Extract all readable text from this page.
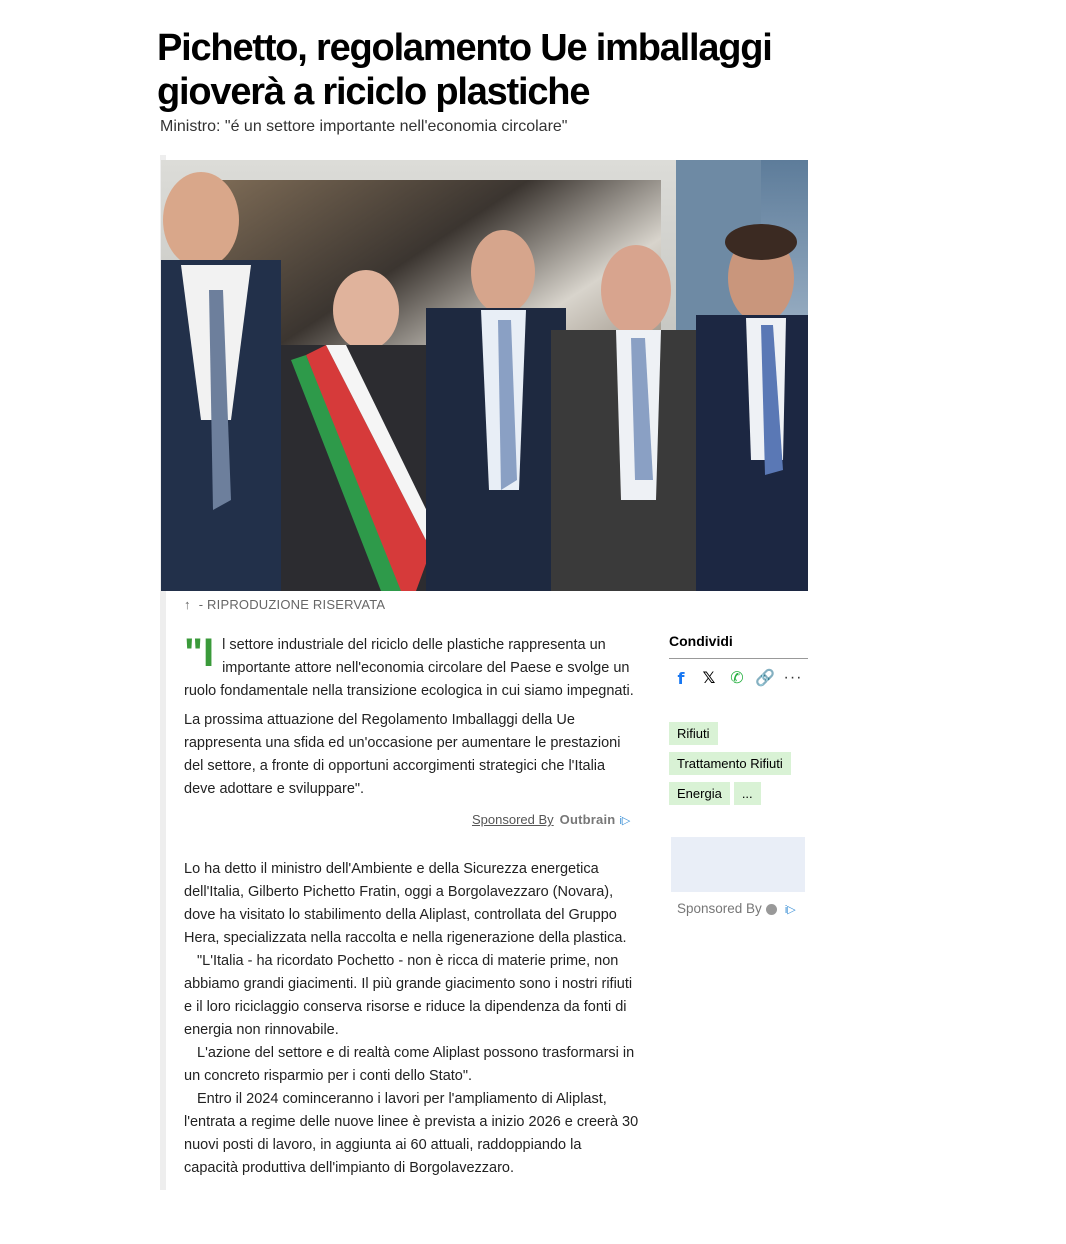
Pichetto, regolamento Ue imballaggi
gioverà a riciclo plastiche

Ministro: "é un settore importante nell'economia circolare"

↑ - RIPRODUZIONE RISERVATA
"Il settore industriale del riciclo delle plastiche rappresenta un importante attore nell'economia circolare del Paese e svolge un ruolo fondamentale nella transizione ecologica in cui siamo impegnati.
La prossima attuazione del Regolamento Imballaggi della Ue rappresenta una sfida ed un'occasione per aumentare le prestazioni del settore, a fronte di opportuni accorgimenti strategici che l'Italia deve adottare e sviluppare".
Sponsored By Outbrain i▷

Lo ha detto il ministro dell'Ambiente e della Sicurezza energetica dell'Italia, Gilberto Pichetto Fratin, oggi a Borgolavezzaro (Novara), dove ha visitato lo stabilimento della Aliplast, controllata del Gruppo Hera, specializzata nella raccolta e nella rigenerazione della plastica.

"L'Italia - ha ricordato Pochetto - non è ricca di materie prime, non abbiamo grandi giacimenti. Il più grande giacimento sono i nostri rifiuti e il loro riciclaggio conserva risorse e riduce la dipendenza da fonti di energia non rinnovabile.

L'azione del settore e di realtà come Aliplast possono trasformarsi in un concreto risparmio per i conti dello Stato".

Entro il 2024 cominceranno i lavori per l'ampliamento di Aliplast, l'entrata a regime delle nuove linee è prevista a inizio 2026 e creerà 30 nuovi posti di lavoro, in aggiunta ai 60 attuali, raddoppiando la capacità produttiva dell'impianto di Borgolavezzaro.

Condividi
f	𝕏 ✆ 🔗 ···
Rifiuti
Trattamento Rifiuti
Energia ...
Sponsored By i▷
